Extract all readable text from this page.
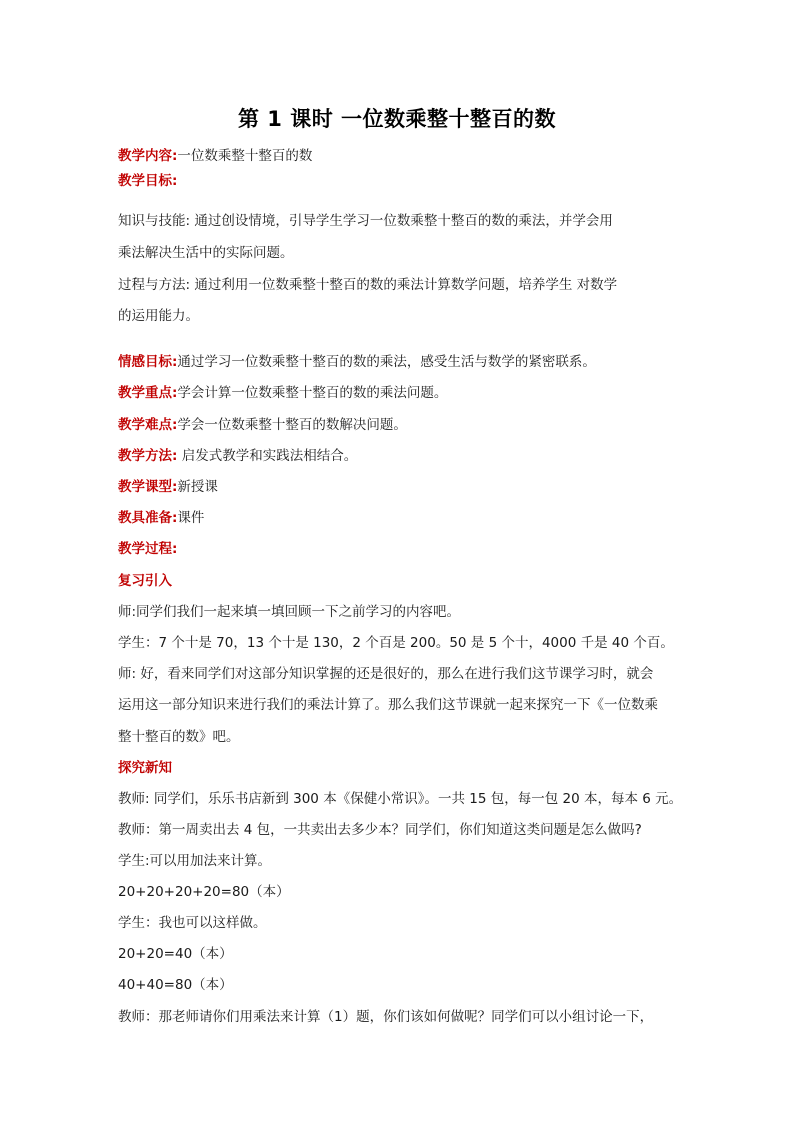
第 1 课时 一位数乘整十整百的数
教学内容:一位数乘整十整百的数
教学目标:
知识与技能: 通过创设情境，引导学生学习一位数乘整十整百的数的乘法，并学会用
乘法解决生活中的实际问题。
过程与方法: 通过利用一位数乘整十整百的数的乘法计算数学问题，培养学生 对数学
的运用能力。
情感目标:通过学习一位数乘整十整百的数的乘法，感受生活与数学的紧密联系。
教学重点:学会计算一位数乘整十整百的数的乘法问题。
教学难点:学会一位数乘整十整百的数解决问题。
教学方法: 启发式教学和实践法相结合。
教学课型:新授课
教具准备:课件
教学过程:
复习引入
师:同学们我们一起来填一填回顾一下之前学习的内容吧。
学生：7 个十是 70，13 个十是 130，2 个百是 200。50 是 5 个十，4000 千是 40 个百。
师: 好，看来同学们对这部分知识掌握的还是很好的，那么在进行我们这节课学习时，就会
运用这一部分知识来进行我们的乘法计算了。那么我们这节课就一起来探究一下《一位数乘
整十整百的数》吧。
探究新知
教师: 同学们，乐乐书店新到 300 本《保健小常识》。一共 15 包，每一包 20 本，每本 6 元。
教师：第一周卖出去 4 包，一共卖出去多少本？同学们，你们知道这类问题是怎么做吗?
学生:可以用加法来计算。
20+20+20+20=80（本）
学生：我也可以这样做。
20+20=40（本）
40+40=80（本）
教师：那老师请你们用乘法来计算（1）题，你们该如何做呢？同学们可以小组讨论一下，
